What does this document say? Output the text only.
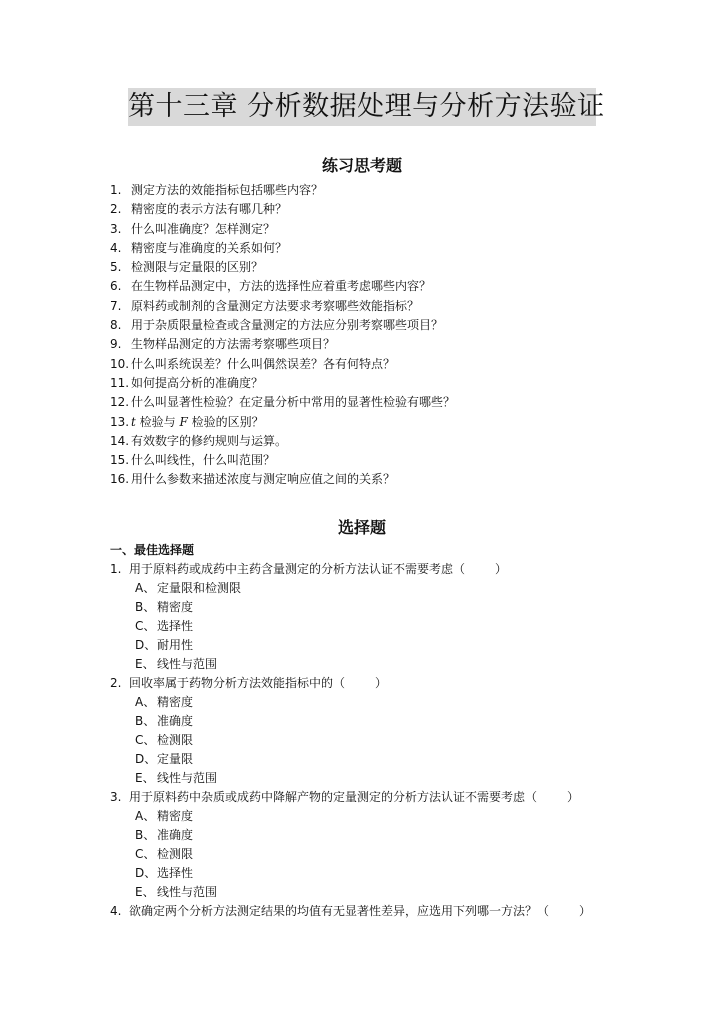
第十三章 分析数据处理与分析方法验证
练习思考题
1. 测定方法的效能指标包括哪些内容？
2. 精密度的表示方法有哪几种？
3. 什么叫准确度？怎样测定？
4. 精密度与准确度的关系如何？
5. 检测限与定量限的区别？
6. 在生物样品测定中，方法的选择性应着重考虑哪些内容？
7. 原料药或制剂的含量测定方法要求考察哪些效能指标？
8. 用于杂质限量检查或含量测定的方法应分别考察哪些项目？
9. 生物样品测定的方法需考察哪些项目？
10. 什么叫系统误差？什么叫偶然误差？各有何特点？
11. 如何提高分析的准确度？
12. 什么叫显著性检验？在定量分析中常用的显著性检验有哪些？
13. t 检验与 F 检验的区别？
14. 有效数字的修约规则与运算。
15. 什么叫线性，什么叫范围？
16. 用什么参数来描述浓度与测定响应值之间的关系？
选择题
一、最佳选择题
1. 用于原料药或成药中主药含量测定的分析方法认证不需要考虑（	）
A、 定量限和检测限
B、 精密度
C、 选择性
D、耐用性
E、 线性与范围
2. 回收率属于药物分析方法效能指标中的（	）
A、 精密度
B、 准确度
C、 检测限
D、定量限
E、 线性与范围
3. 用于原料药中杂质或成药中降解产物的定量测定的分析方法认证不需要考虑（	）
A、 精密度
B、 准确度
C、 检测限
D、选择性
E、 线性与范围
4. 欲确定两个分析方法测定结果的均值有无显著性差异，应选用下列哪一方法？（	）
